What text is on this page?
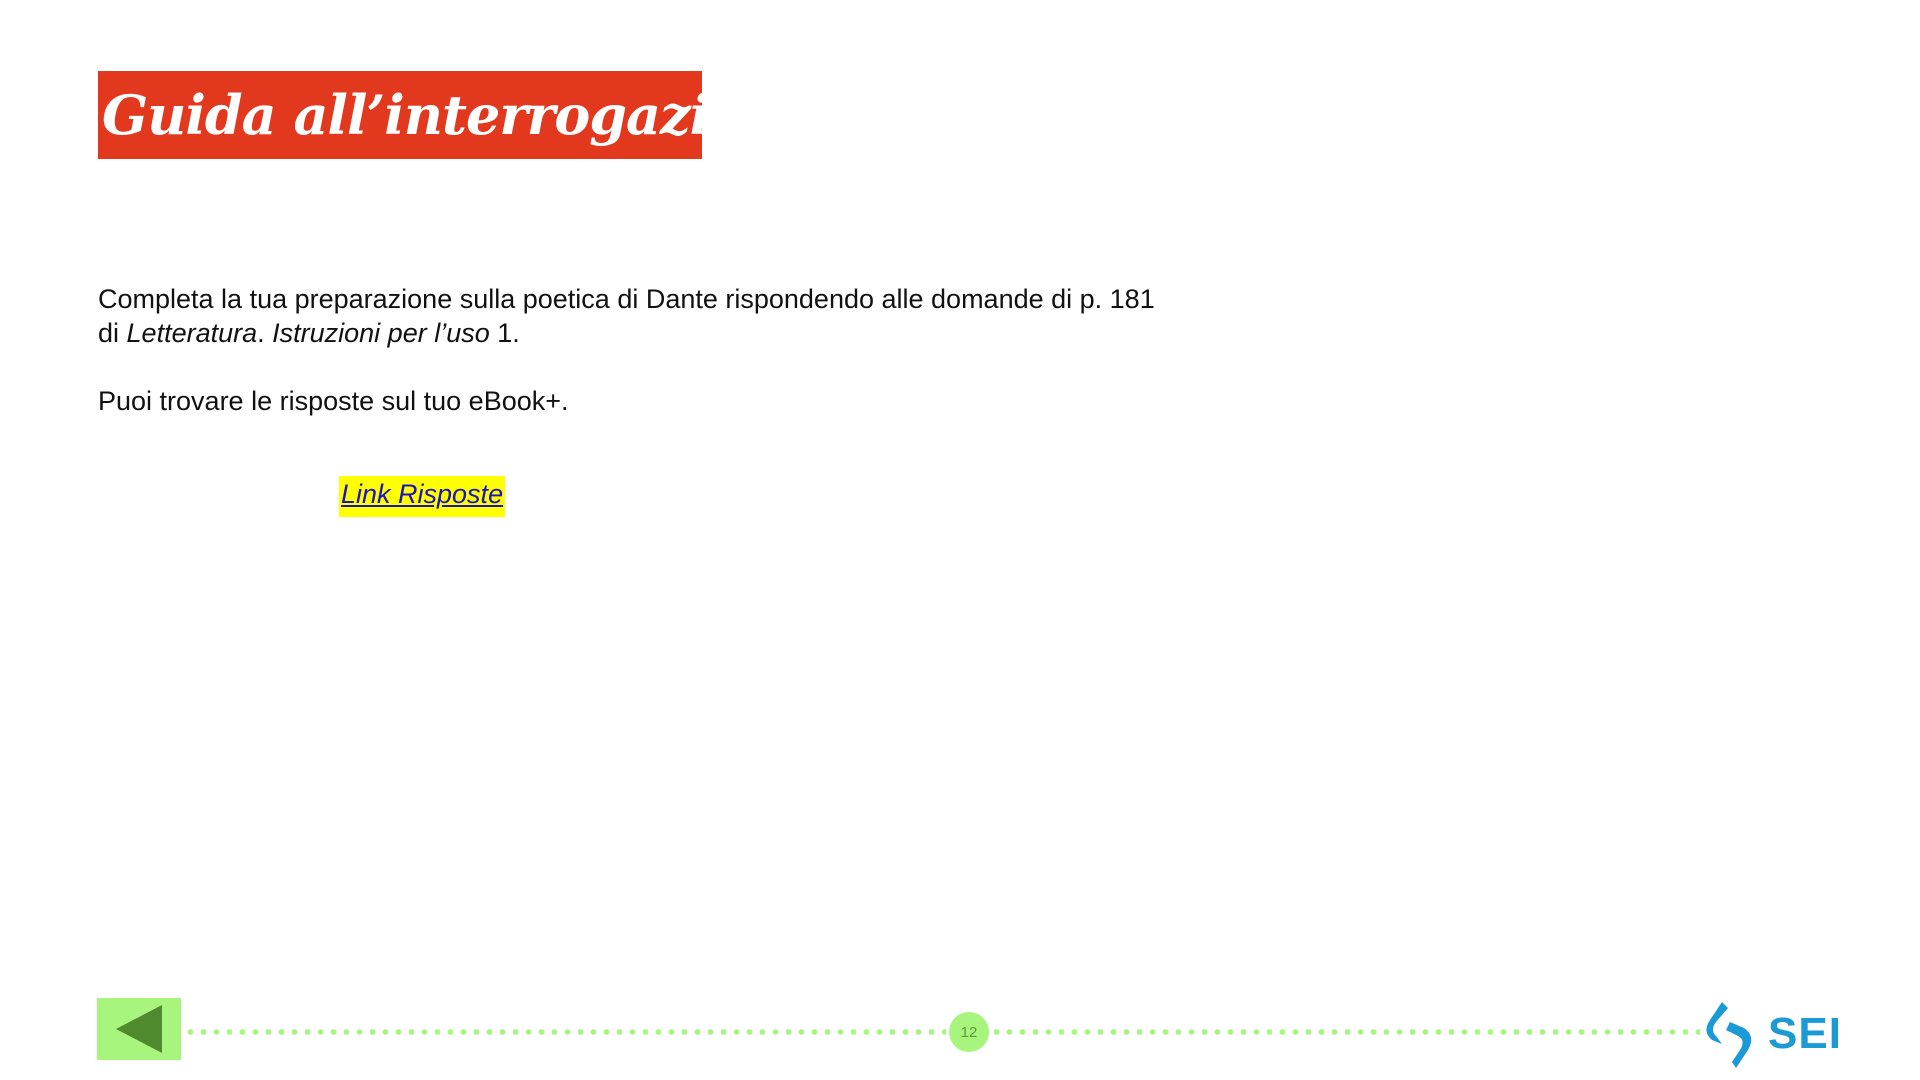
Guida all’interrogazione

Completa la tua preparazione sulla poetica di Dante rispondendo alle domande di p. 181
di Letteratura. Istruzioni per l’uso 1.

Puoi trovare le risposte sul tuo eBook+.

Link Risposte
12	SEI
